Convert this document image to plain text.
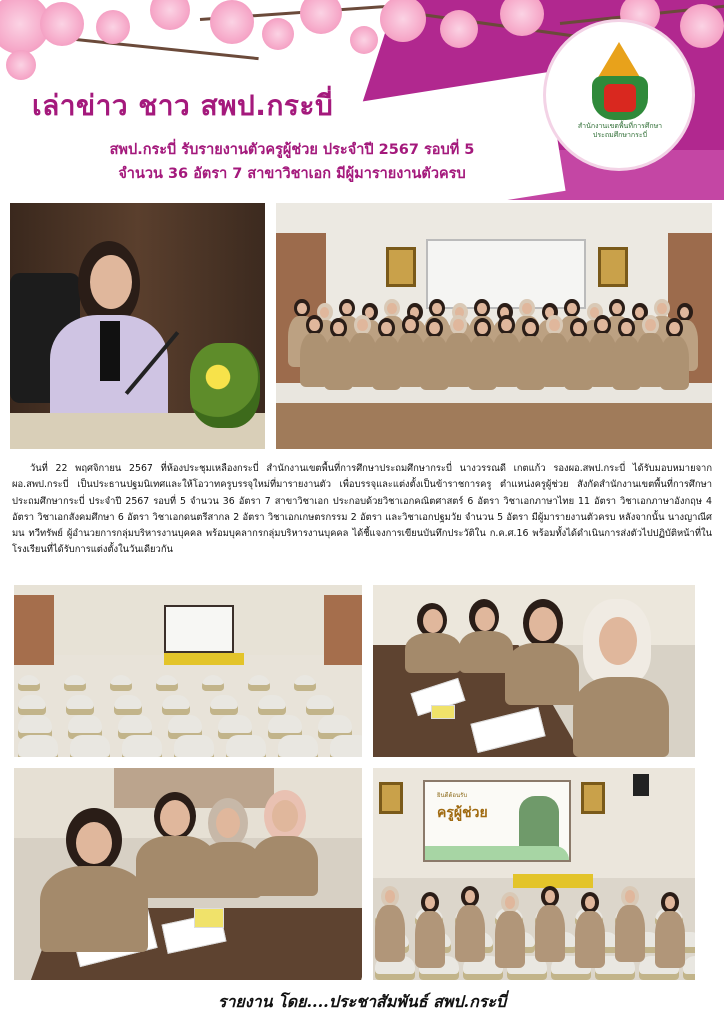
เล่าข่าว ชาว สพป.กระบี่
สพป.กระบี่ รับรายงานตัวครูผู้ช่วย ประจำปี 2567 รอบที่ 5
จำนวน 36 อัตรา 7 สาขาวิชาเอก มีผู้มารายงานตัวครบ
สำนักงานเขตพื้นที่การศึกษาประถมศึกษากระบี่

วันที่ 22 พฤศจิกายน 2567 ที่ห้องประชุมเหลืองกระบี่ สำนักงานเขตพื้นที่การศึกษาประถมศึกษากระบี่ นางวรรณดี เกตแก้ว รองผอ.สพป.กระบี่ ได้รับมอบหมายจาก ผอ.สพป.กระบี่ เป็นประธานปฐมนิเทศและให้โอวาทครูบรรจุใหม่ที่มารายงานตัว เพื่อบรรจุและแต่งตั้งเป็นข้าราชการครู ตำแหน่งครูผู้ช่วย สังกัดสำนักงานเขตพื้นที่การศึกษาประถมศึกษากระบี่ ประจำปี 2567 รอบที่ 5 จำนวน 36 อัตรา 7 สาขาวิชาเอก ประกอบด้วยวิชาเอกคณิตศาสตร์ 6 อัตรา วิชาเอกภาษาไทย 11 อัตรา วิชาเอกภาษาอังกฤษ 4 อัตรา วิชาเอกสังคมศึกษา 6 อัตรา วิชาเอกดนตรีสากล 2 อัตรา วิชาเอกเกษตรกรรม 2 อัตรา และวิชาเอกปฐมวัย จำนวน 5 อัตรา มีผู้มารายงานตัวครบ หลังจากนั้น นางญาณีศมน ทวีทรัพย์ ผู้อำนวยการกลุ่มบริหารงานบุคคล พร้อมบุคลากรกลุ่มบริหารงานบุคคล ได้ชี้แจงการเขียนบันทึกประวัติใน ก.ค.ศ.16 พร้อมทั้งได้ดำเนินการส่งตัวไปปฏิบัติหน้าที่ในโรงเรียนที่ได้รับการแต่งตั้งในวันเดียวกัน

ยินดีต้อนรับ
ครูผู้ช่วย
รายงาน โดย....ประชาสัมพันธ์ สพป.กระบี่
